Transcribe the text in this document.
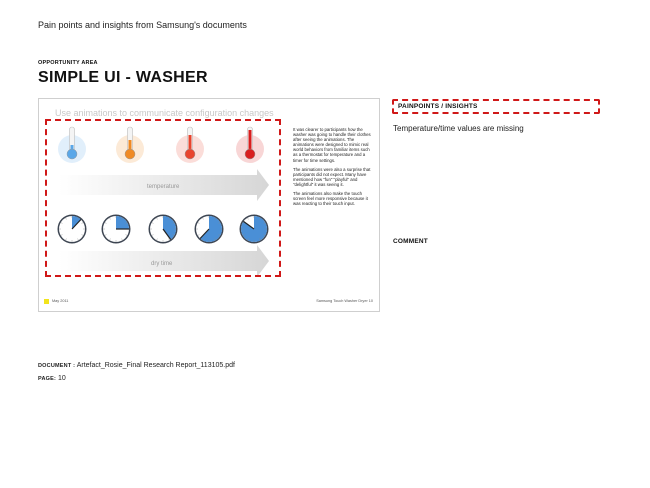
Pain points and insights from Samsung's documents
OPPORTUNITY AREA
SIMPLE UI - WASHER
Use animations to communicate configuration changes
temperature
dry time

It was clearer to participants how the washer was going to handle their clothes after seeing the animations. The animations were designed to mimic real world behaviors from familiar items such as a thermostat for temperature and a timer for time settings.

The animations were also a surprise that participants did not expect. Many have mentioned how "fun" "playful" and "delightful" it was seeing it.

The animations also make the touch screen feel more responsive because it was reacting to their touch input.

May 2011	Samsung Touch Washer Dryer 10
PAINPOINTS / INSIGHTS
Temperature/time values are missing
COMMENT
DOCUMENT : Artefact_Rosie_Final Research Report_113105.pdf
PAGE: 10
